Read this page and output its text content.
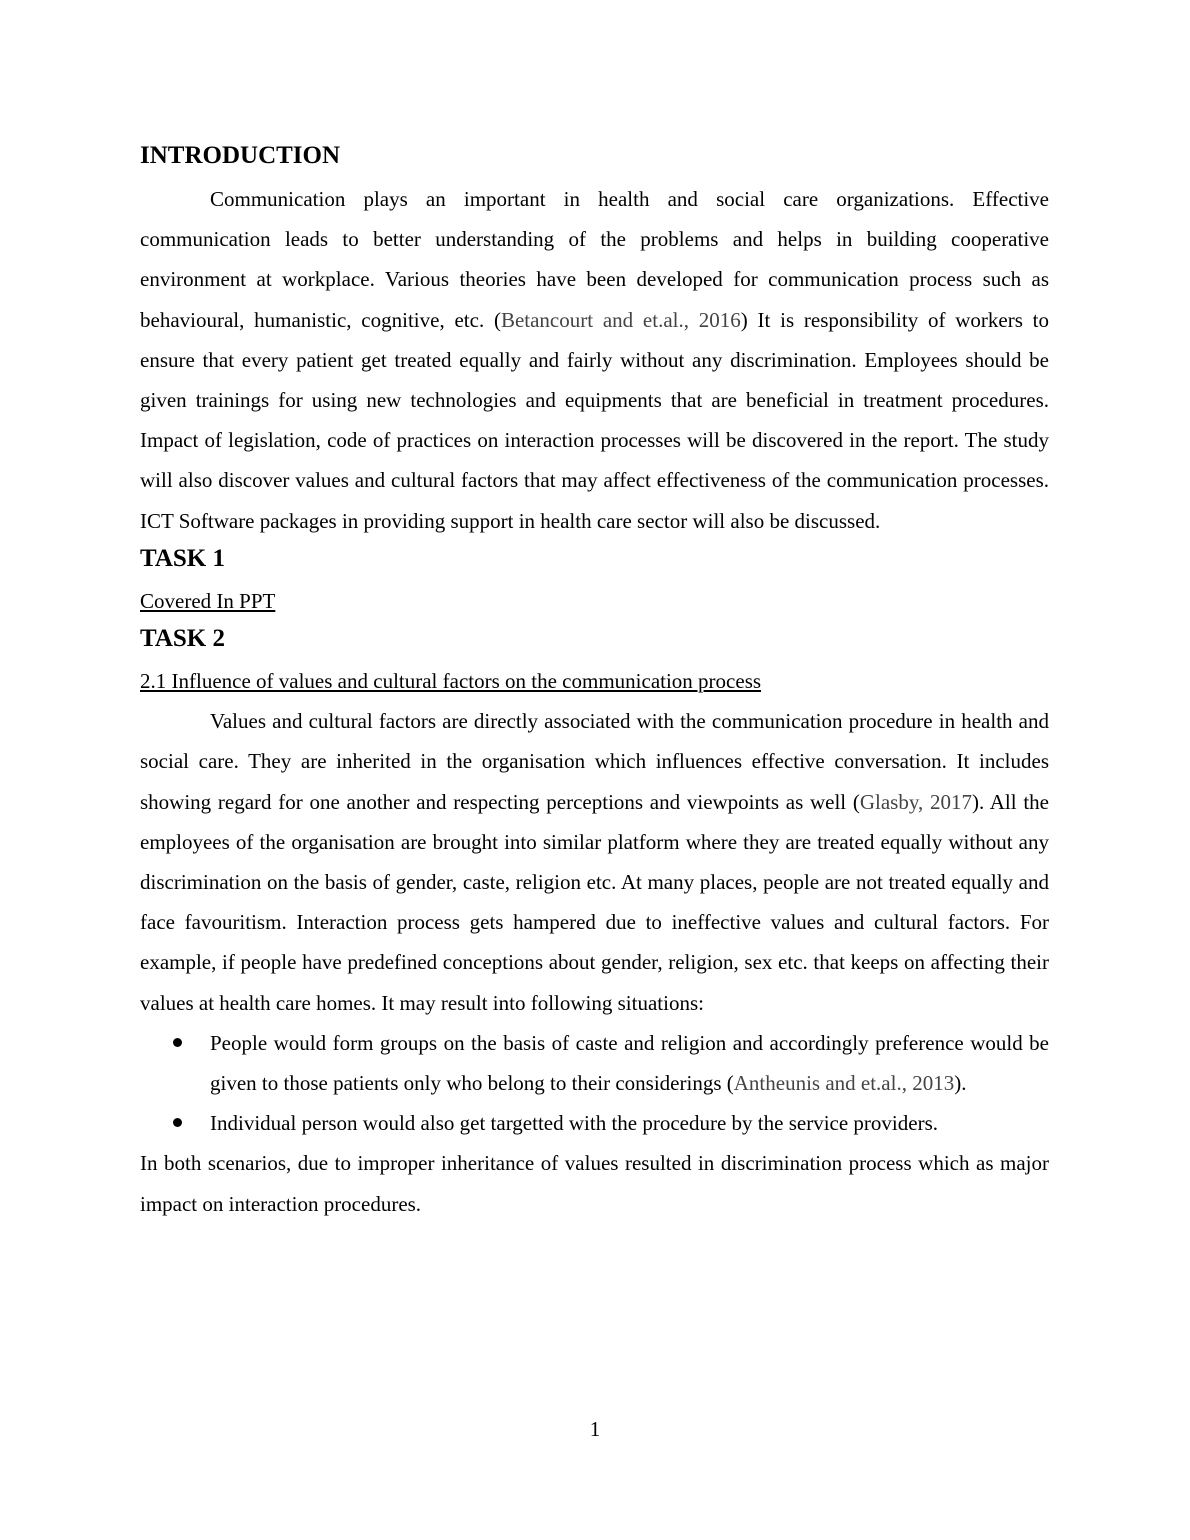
INTRODUCTION

Communication plays an important in health and social care organizations. Effective communication leads to better understanding of the problems and helps in building cooperative environment at workplace. Various theories have been developed for communication process such as behavioural, humanistic, cognitive, etc. (Betancourt and et.al., 2016) It is responsibility of workers to ensure that every patient get treated equally and fairly without any discrimination. Employees should be given trainings for using new technologies and equipments that are beneficial in treatment procedures. Impact of legislation, code of practices on interaction processes will be discovered in the report. The study will also discover values and cultural factors that may affect effectiveness of the communication processes. ICT Software packages in providing support in health care sector will also be discussed.

TASK 1

Covered In PPT

TASK 2

2.1 Influence of values and cultural factors on the communication process

Values and cultural factors are directly associated with the communication procedure in health and social care. They are inherited in the organisation which influences effective conversation. It includes showing regard for one another and respecting perceptions and viewpoints as well (Glasby, 2017). All the employees of the organisation are brought into similar platform where they are treated equally without any discrimination on the basis of gender, caste, religion etc. At many places, people are not treated equally and face favouritism. Interaction process gets hampered due to ineffective values and cultural factors. For example, if people have predefined conceptions about gender, religion, sex etc. that keeps on affecting their values at health care homes. It may result into following situations:

People would form groups on the basis of caste and religion and accordingly preference would be given to those patients only who belong to their considerings (Antheunis and et.al., 2013).
Individual person would also get targetted with the procedure by the service providers.

In both scenarios, due to improper inheritance of values resulted in discrimination process which as major impact on interaction procedures.

1
